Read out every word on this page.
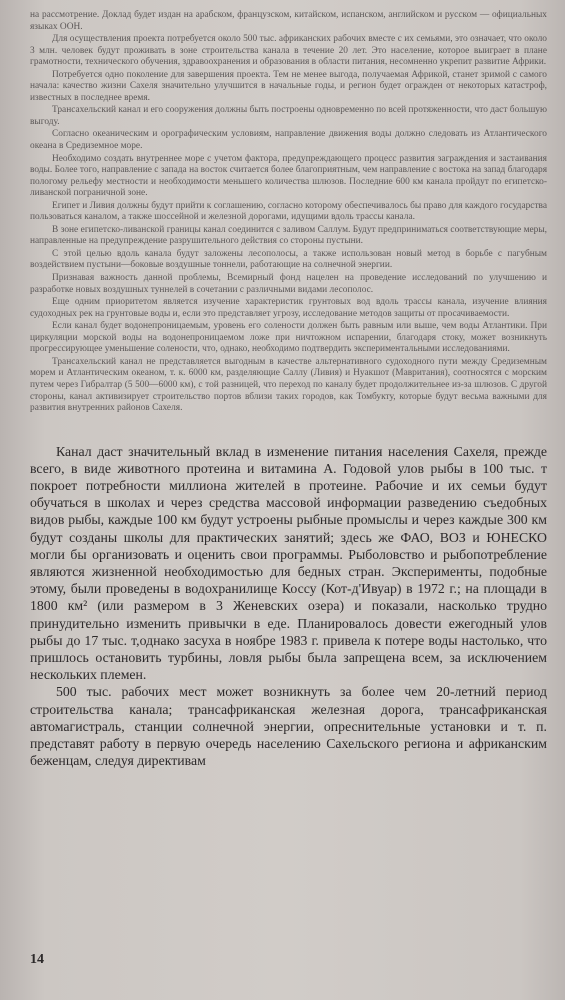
на рассмотрение. Доклад будет издан на арабском, французском, китайском, испанском, английском и русском — официальных языках ООН.

Для осуществления проекта потребуется около 500 тыс. африканских рабочих вместе с их семьями, это означает, что около 3 млн. человек будут проживать в зоне строительства канала в течение 20 лет. Это население, которое выиграет в плане грамотности, технического обучения, здравоохранения и образования в области питания, несомненно укрепит развитие Африки.

Потребуется одно поколение для завершения проекта. Тем не менее выгода, получаемая Африкой, станет зримой с самого начала: качество жизни Сахеля значительно улучшится в начальные годы, и регион будет огражден от некоторых катастроф, известных в последнее время.

Трансахельский канал и его сооружения должны быть построены одновременно по всей протяженности, что даст большую выгоду.

Согласно океаническим и орографическим условиям, направление движения воды должно следовать из Атлантического океана в Средиземное море.

Необходимо создать внутреннее море с учетом фактора, предупреждающего процесс развития заграждения и застаивания воды. Более того, направление с запада на восток считается более благоприятным, чем направление с востока на запад благодаря пологому рельефу местности и необходимости меньшего количества шлюзов. Последние 600 км канала пройдут по египетско-ливанской пограничной зоне.

Египет и Ливия должны будут прийти к соглашению, согласно которому обеспечивалось бы право для каждого государства пользоваться каналом, а также шоссейной и железной дорогами, идущими вдоль трассы канала.

В зоне египетско-ливанской границы канал соединится с заливом Саллум. Будут предприниматься соответствующие меры, направленные на предупреждение разрушительного действия со стороны пустыни.

С этой целью вдоль канала будут заложены лесополосы, а также использован новый метод в борьбе с пагубным воздействием пустыни—боковые воздушные тоннели, работающие на солнечной энергии.

Признавая важность данной проблемы, Всемирный фонд нацелен на проведение исследований по улучшению и разработке новых воздушных туннелей в сочетании с различными видами лесополос.

Еще одним приоритетом является изучение характеристик грунтовых вод вдоль трассы канала, изучение влияния судоходных рек на грунтовые воды и, если это представляет угрозу, исследование методов защиты от просачиваемости.

Если канал будет водонепроницаемым, уровень его солености должен быть равным или выше, чем воды Атлантики. При циркуляции морской воды на водонепроницаемом ложе при ничтожном испарении, благодаря стоку, может возникнуть прогрессирующее уменьшение солености, что, однако, необходимо подтвердить экспериментальными исследованиями.

Трансахельский канал не представляется выгодным в качестве альтернативного судоходного пути между Средиземным морем и Атлантическим океаном, т. к. 6000 км, разделяющие Саллу (Ливия) и Нуакшот (Мавритания), соотносятся с морским путем через Гибралтар (5 500—6000 км), с той разницей, что переход по каналу будет продолжительнее из-за шлюзов. С другой стороны, канал активизирует строительство портов вблизи таких городов, как Томбукту, которые будут весьма важными для развития внутренних районов Сахеля.

Канал даст значительный вклад в изменение питания населения Сахеля, прежде всего, в виде животного протеина и витамина А. Годовой улов рыбы в 100 тыс. т покроет потребности миллиона жителей в протеине. Рабочие и их семьи будут обучаться в школах и через средства массовой информации разведению съедобных видов рыбы, каждые 100 км будут устроены рыбные промыслы и через каждые 300 км будут созданы школы для практических занятий; здесь же ФАО, ВОЗ и ЮНЕСКО могли бы организовать и оценить свои программы. Рыболовство и рыбопотребление являются жизненной необходимостью для бедных стран. Эксперименты, подобные этому, были проведены в водохранилище Коссу (Кот-д'Ивуар) в 1972 г.; на площади в 1800 км² (или размером в 3 Женевских озера) и показали, насколько трудно принудительно изменить привычки в еде. Планировалось довести ежегодный улов рыбы до 17 тыс. т,однако засуха в ноябре 1983 г. привела к потере воды настолько, что пришлось остановить турбины, ловля рыбы была запрещена всем, за исключением нескольких племен.

500 тыс. рабочих мест может возникнуть за более чем 20-летний период строительства канала; трансафриканская железная дорога, трансафриканская автомагистраль, станции солнечной энергии, опреснительные установки и т. п. представят работу в первую очередь населению Сахельского региона и африканским беженцам, следуя директивам

14
